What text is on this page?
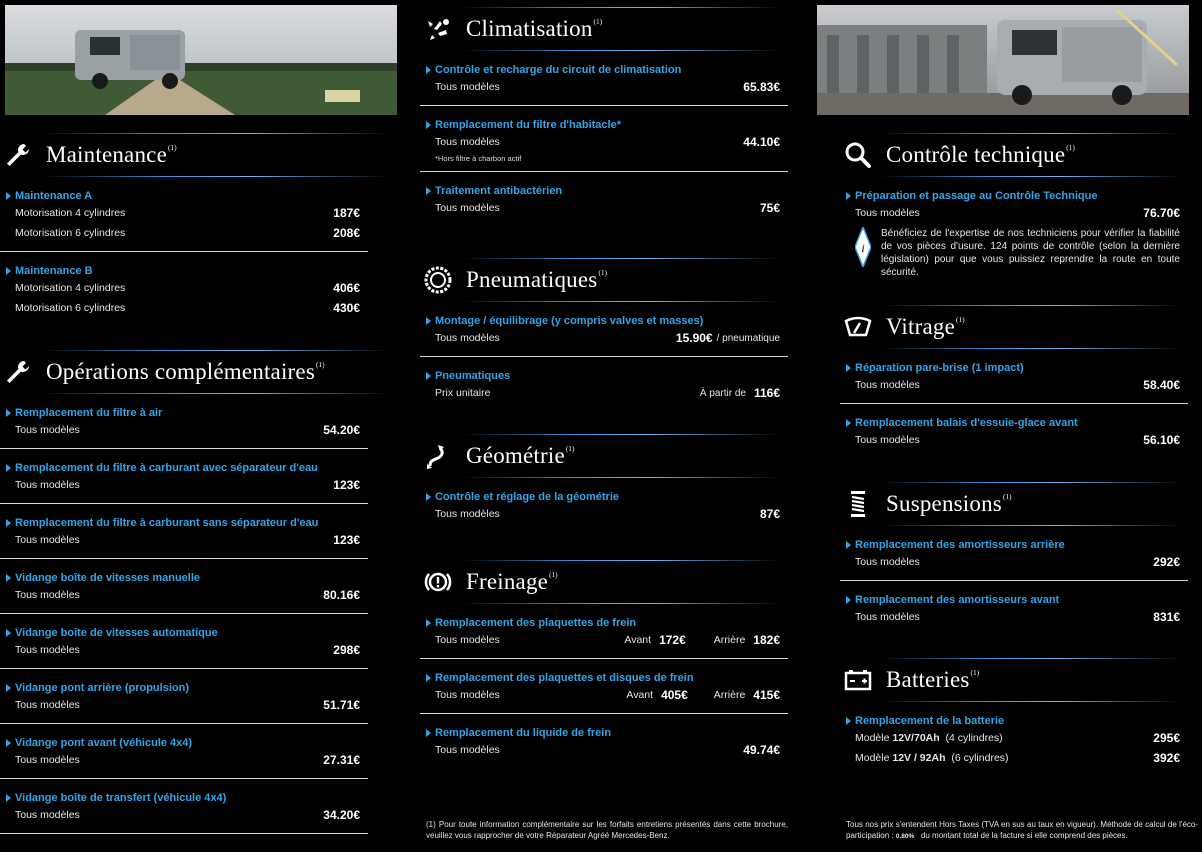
Maintenance$^{(1)}$
Maintenance A
Motorisation 4 cylindres	187€
Motorisation 6 cylindres	208€
Maintenance B
Motorisation 4 cylindres	406€
Motorisation 6 cylindres	430€
Opérations complémentaires$^{(1)}$
Remplacement du filtre à air
Tous modèles	54.20€
Remplacement du filtre à carburant avec séparateur d'eau
Tous modèles	123€
Remplacement du filtre à carburant sans séparateur d'eau
Tous modèles	123€
Vidange boîte de vitesses manuelle
Tous modèles	80.16€
Vidange boîte de vitesses automatique
Tous modèles	298€
Vidange pont arrière (propulsion)
Tous modèles	51.71€
Vidange pont avant (véhicule 4x4)
Tous modèles	27.31€
Vidange boîte de transfert (véhicule 4x4)
Tous modèles	34.20€
Climatisation$^{(1)}$
Contrôle et recharge du circuit de climatisation
Tous modèles	65.83€
Remplacement du filtre d'habitacle*
Tous modèles	44.10€
*Hors filtre à charbon actif
Traitement antibactérien
Tous modèles	75€
Pneumatiques$^{(1)}$
Montage / équilibrage (y compris valves et masses)
Tous modèles	15.90€ / pneumatique
Pneumatiques
Prix unitaire	À partir de 116€
Géométrie$^{(1)}$
Contrôle et réglage de la géométrie
Tous modèles	87€
Freinage$^{(1)}$
Remplacement des plaquettes de frein
Tous modèles	Avant 172€	Arrière 182€
Remplacement des plaquettes et disques de frein
Tous modèles	Avant 405€ Arrière 415€
Remplacement du liquide de frein
Tous modèles	49.74€
(1) Pour toute information complémentaire sur les forfaits entretiens présentés dans cette brochure, veuillez vous rapprocher de votre Réparateur Agréé Mercedes-Benz.
Contrôle technique$^{(1)}$
Préparation et passage au Contrôle Technique
Tous modèles	76.70€
i
Bénéficiez de l'expertise de nos techniciens pour vérifier la fiabilité de vos pièces d'usure. 124 points de contrôle (selon la dernière législation) pour que vous puissiez reprendre la route en toute sécurité.
Vitrage$^{(1)}$
Réparation pare-brise (1 impact)
Tous modèles	58.40€
Remplacement balais d'essuie-glace avant
Tous modèles	56.10€
Suspensions$^{(1)}$
Remplacement des amortisseurs arrière
Tous modèles	292€
Remplacement des amortisseurs avant
Tous modèles	831€
Batteries$^{(1)}$
Remplacement de la batterie
Modèle 12V/70Ah (4 cylindres)	295€
Modèle 12V / 92Ah (6 cylindres)	392€
Tous nos prix s'entendent Hors Taxes (TVA en sus au taux en vigueur). Méthode de calcul de l'éco-participation : 0.80% du montant total de la facture si elle comprend des pièces.
